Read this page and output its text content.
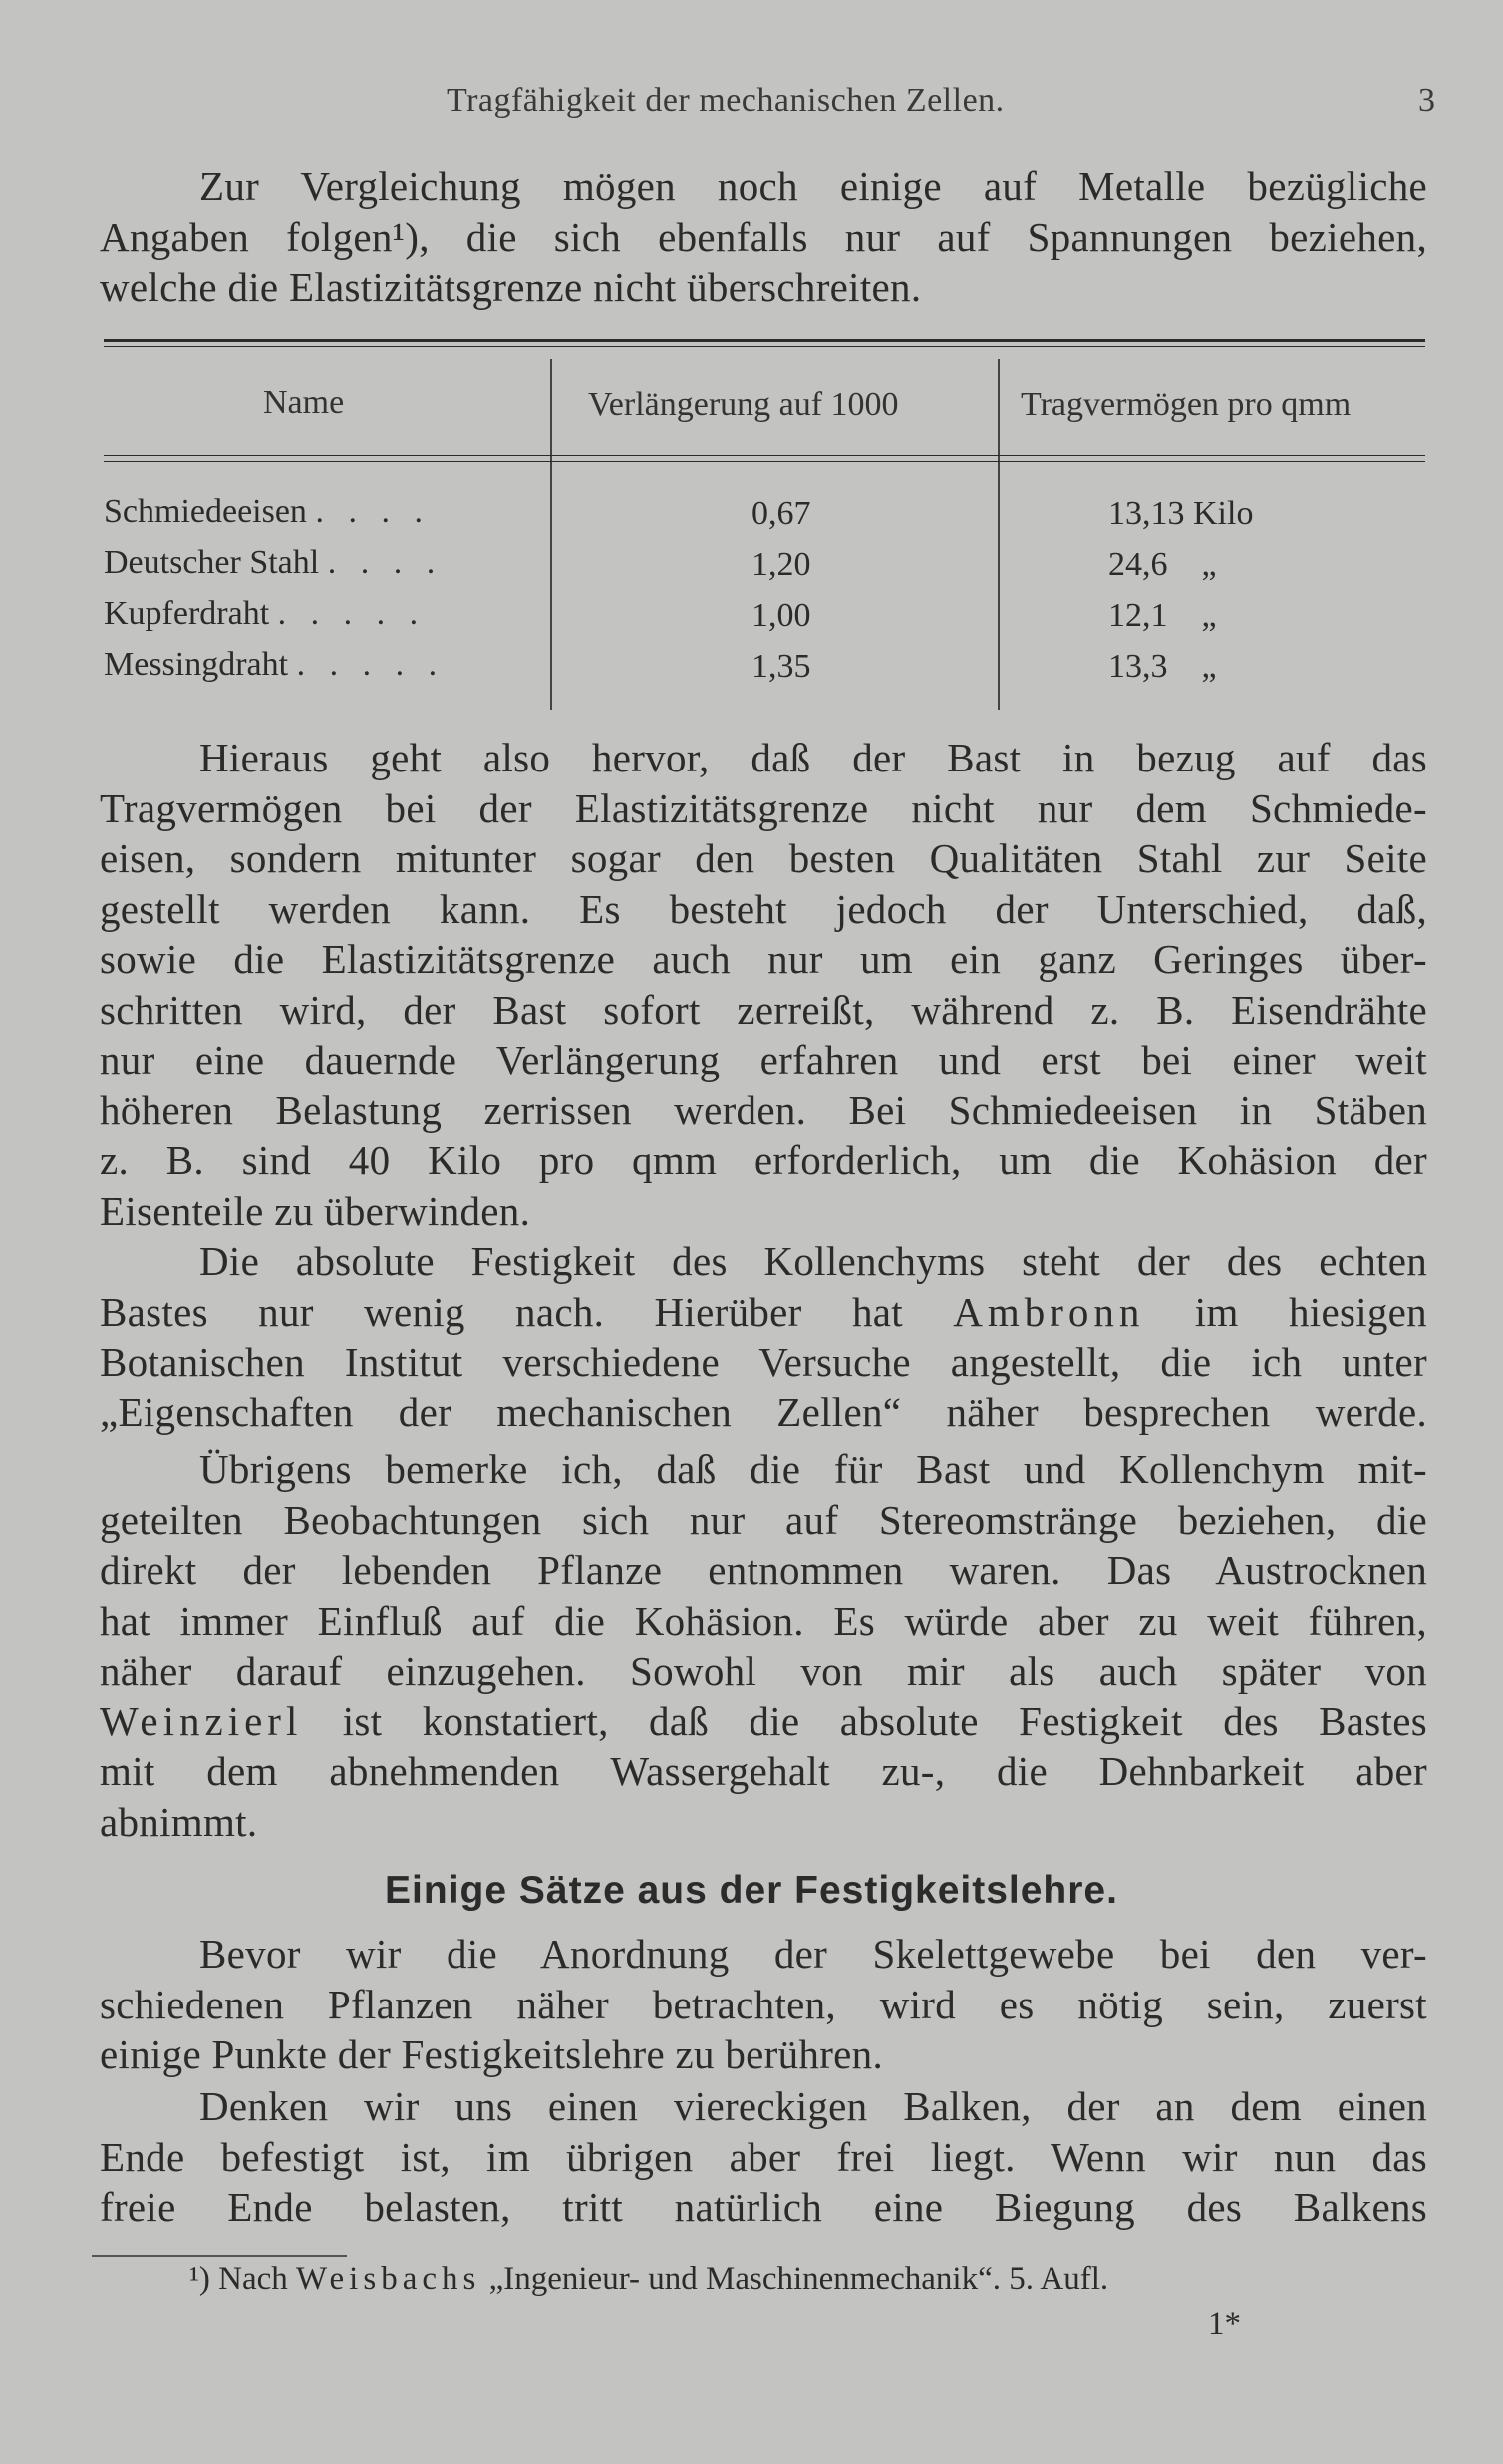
Tragfähigkeit der mechanischen Zellen.	3
Zur Vergleichung mögen noch einige auf Metalle bezügliche
Angaben folgen¹), die sich ebenfalls nur auf Spannungen beziehen,
welche die Elastizitätsgrenze nicht überschreiten.
Name	Verlängerung auf 1000	Tragvermögen pro qmm
Schmiedeeisen . . . .	0,67	13,13 Kilo
Deutscher Stahl . . . .	1,20	24,6    „
Kupferdraht . . . . .	1,00	12,1    „
Messingdraht . . . . .	1,35	13,3    „
Hieraus geht also hervor, daß der Bast in bezug auf das
Tragvermögen bei der Elastizitätsgrenze nicht nur dem Schmiede-
eisen, sondern mitunter sogar den besten Qualitäten Stahl zur Seite
gestellt werden kann. Es besteht jedoch der Unterschied, daß,
sowie die Elastizitätsgrenze auch nur um ein ganz Geringes über-
schritten wird, der Bast sofort zerreißt, während z. B. Eisendrähte
nur eine dauernde Verlängerung erfahren und erst bei einer weit
höheren Belastung zerrissen werden. Bei Schmiedeeisen in Stäben
z. B. sind 40 Kilo pro qmm erforderlich, um die Kohäsion der
Eisenteile zu überwinden.
Die absolute Festigkeit des Kollenchyms steht der des echten
Bastes nur wenig nach. Hierüber hat Ambronn im hiesigen
Botanischen Institut verschiedene Versuche angestellt, die ich unter
„Eigenschaften der mechanischen Zellen“ näher besprechen werde.
Übrigens bemerke ich, daß die für Bast und Kollenchym mit-
geteilten Beobachtungen sich nur auf Stereomstränge beziehen, die
direkt der lebenden Pflanze entnommen waren. Das Austrocknen
hat immer Einfluß auf die Kohäsion. Es würde aber zu weit führen,
näher darauf einzugehen. Sowohl von mir als auch später von
Weinzierl ist konstatiert, daß die absolute Festigkeit des Bastes
mit dem abnehmenden Wassergehalt zu-, die Dehnbarkeit aber
abnimmt.
Einige Sätze aus der Festigkeitslehre.
Bevor wir die Anordnung der Skelettgewebe bei den ver-
schiedenen Pflanzen näher betrachten, wird es nötig sein, zuerst
einige Punkte der Festigkeitslehre zu berühren.
Denken wir uns einen viereckigen Balken, der an dem einen
Ende befestigt ist, im übrigen aber frei liegt. Wenn wir nun das
freie Ende belasten, tritt natürlich eine Biegung des Balkens
¹) Nach Weisbachs „Ingenieur- und Maschinenmechanik“. 5. Aufl.
1*
